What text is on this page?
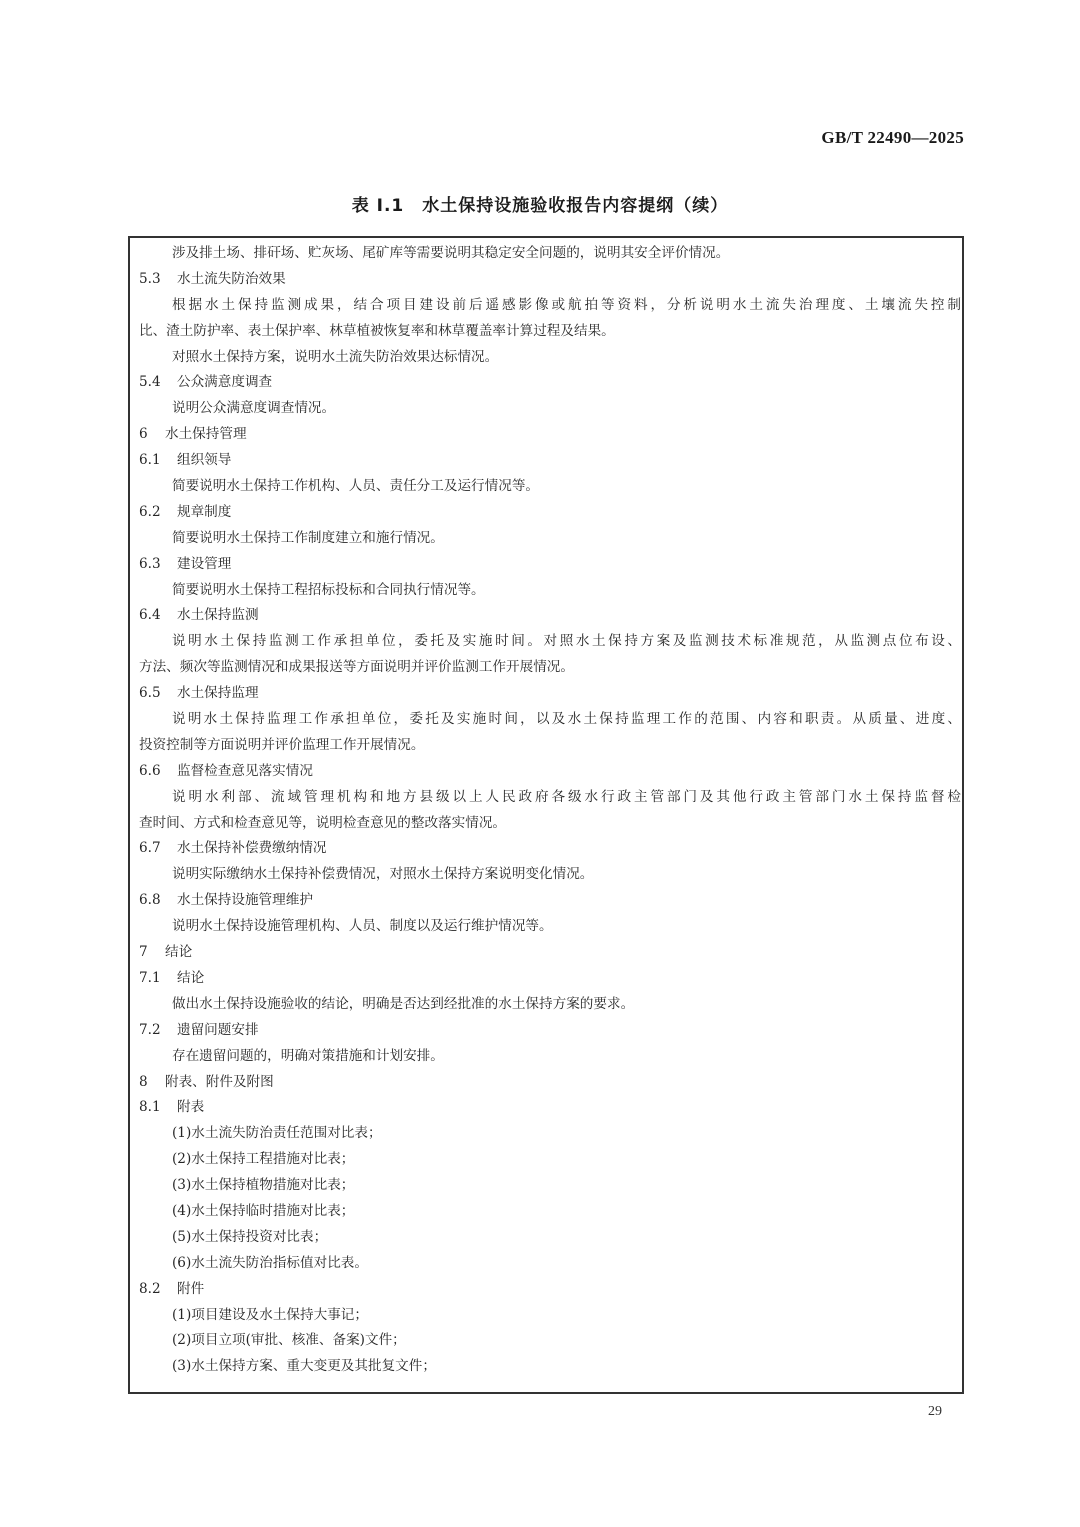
GB/T 22490—2025
表 I.1　水土保持设施验收报告内容提纲（续）
涉及排土场、排矸场、贮灰场、尾矿库等需要说明其稳定安全问题的，说明其安全评价情况。
5.3 水土流失防治效果
根据水土保持监测成果，结合项目建设前后遥感影像或航拍等资料，分析说明水土流失治理度、土壤流失控制
比、渣土防护率、表土保护率、林草植被恢复率和林草覆盖率计算过程及结果。
对照水土保持方案，说明水土流失防治效果达标情况。
5.4 公众满意度调查
说明公众满意度调查情况。
6 水土保持管理
6.1 组织领导
简要说明水土保持工作机构、人员、责任分工及运行情况等。
6.2 规章制度
简要说明水土保持工作制度建立和施行情况。
6.3 建设管理
简要说明水土保持工程招标投标和合同执行情况等。
6.4 水土保持监测
说明水土保持监测工作承担单位，委托及实施时间。对照水土保持方案及监测技术标准规范，从监测点位布设、
方法、频次等监测情况和成果报送等方面说明并评价监测工作开展情况。
6.5 水土保持监理
说明水土保持监理工作承担单位，委托及实施时间，以及水土保持监理工作的范围、内容和职责。从质量、进度、
投资控制等方面说明并评价监理工作开展情况。
6.6 监督检查意见落实情况
说明水利部、流域管理机构和地方县级以上人民政府各级水行政主管部门及其他行政主管部门水土保持监督检
查时间、方式和检查意见等，说明检查意见的整改落实情况。
6.7 水土保持补偿费缴纳情况
说明实际缴纳水土保持补偿费情况，对照水土保持方案说明变化情况。
6.8 水土保持设施管理维护
说明水土保持设施管理机构、人员、制度以及运行维护情况等。
7 结论
7.1 结论
做出水土保持设施验收的结论，明确是否达到经批准的水土保持方案的要求。
7.2 遗留问题安排
存在遗留问题的，明确对策措施和计划安排。
8 附表、附件及附图
8.1 附表
(1)水土流失防治责任范围对比表；
(2)水土保持工程措施对比表；
(3)水土保持植物措施对比表；
(4)水土保持临时措施对比表；
(5)水土保持投资对比表；
(6)水土流失防治指标值对比表。
8.2 附件
(1)项目建设及水土保持大事记；
(2)项目立项(审批、核准、备案)文件；
(3)水土保持方案、重大变更及其批复文件；
29
